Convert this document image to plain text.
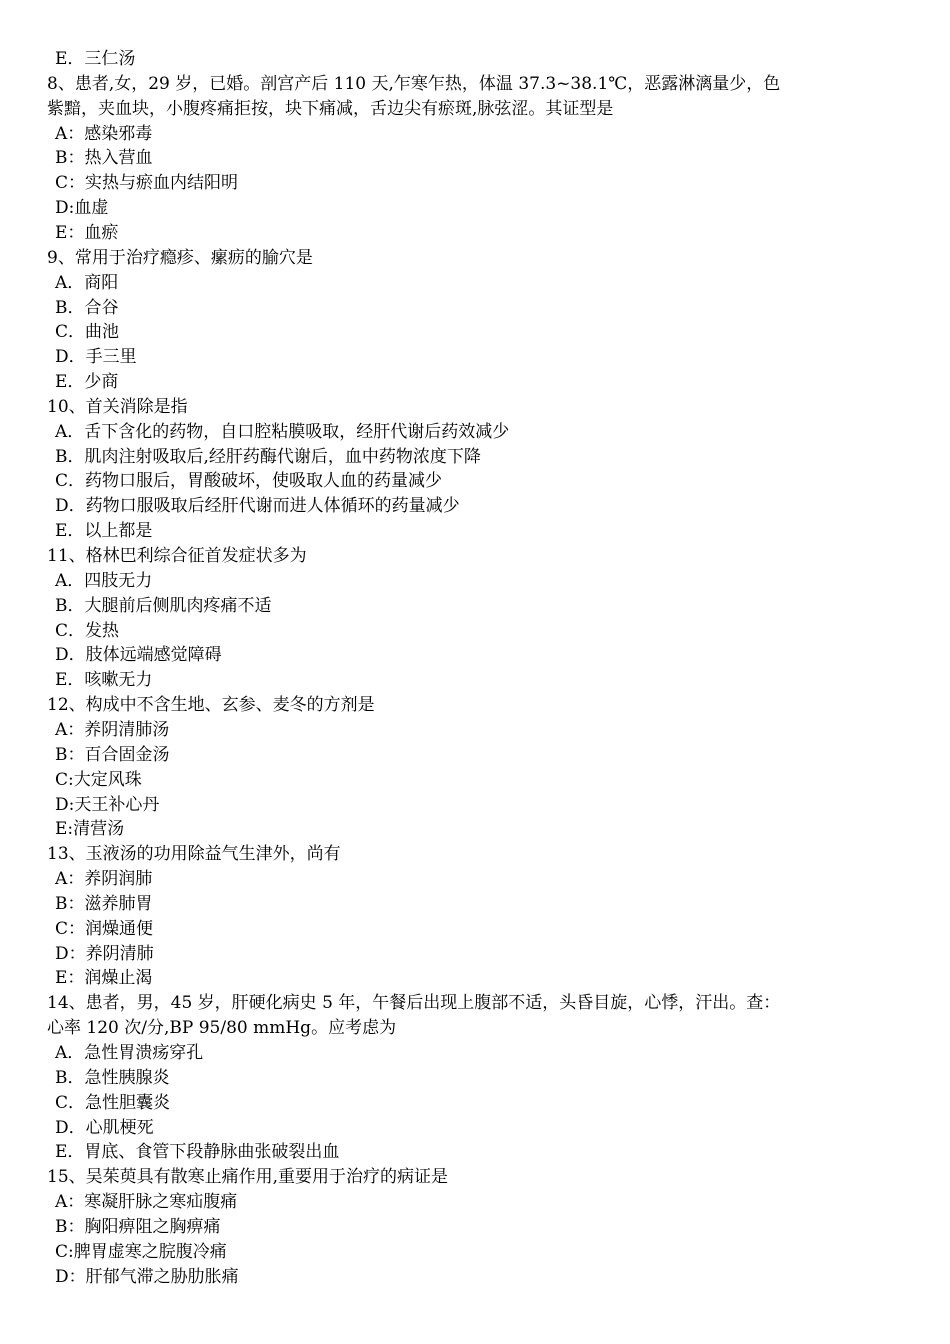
E．三仁汤
8、患者,女，29 岁，已婚。剖宫产后 110 天,乍寒乍热，体温 37.3~38.1℃，恶露淋漓量少，色
紫黯，夹血块，小腹疼痛拒按，块下痛减，舌边尖有瘀斑,脉弦涩。其证型是
A：感染邪毒
B：热入营血
C：实热与瘀血内结阳明
D:血虚
E：血瘀
9、常用于治疗瘾疹、瘰疬的腧穴是
A．商阳
B．合谷
C．曲池
D．手三里
E．少商
10、首关消除是指
A．舌下含化的药物，自口腔粘膜吸取，经肝代谢后药效减少
B．肌肉注射吸取后,经肝药酶代谢后，血中药物浓度下降
C．药物口服后，胃酸破坏，使吸取人血的药量减少
D．药物口服吸取后经肝代谢而进人体循环的药量减少
E．以上都是
11、格林巴利综合征首发症状多为
A．四肢无力
B．大腿前后侧肌肉疼痛不适
C．发热
D．肢体远端感觉障碍
E．咳嗽无力
12、构成中不含生地、玄参、麦冬的方剂是
A：养阴清肺汤
B：百合固金汤
C:大定风珠
D:天王补心丹
E:清营汤
13、玉液汤的功用除益气生津外，尚有
A：养阴润肺
B：滋养肺胃
C：润燥通便
D：养阴清肺
E：润燥止渴
14、患者，男，45 岁，肝硬化病史 5 年，午餐后出现上腹部不适，头昏目旋，心悸，汗出。查：
心率 120 次/分,BP 95/80 mmHg。应考虑为
A．急性胃溃疡穿孔
B．急性胰腺炎
C．急性胆囊炎
D．心肌梗死
E．胃底、食管下段静脉曲张破裂出血
15、吴茱萸具有散寒止痛作用,重要用于治疗的病证是
A：寒凝肝脉之寒疝腹痛
B：胸阳痹阻之胸痹痛
C:脾胃虚寒之脘腹冷痛
D：肝郁气滞之胁肋胀痛
